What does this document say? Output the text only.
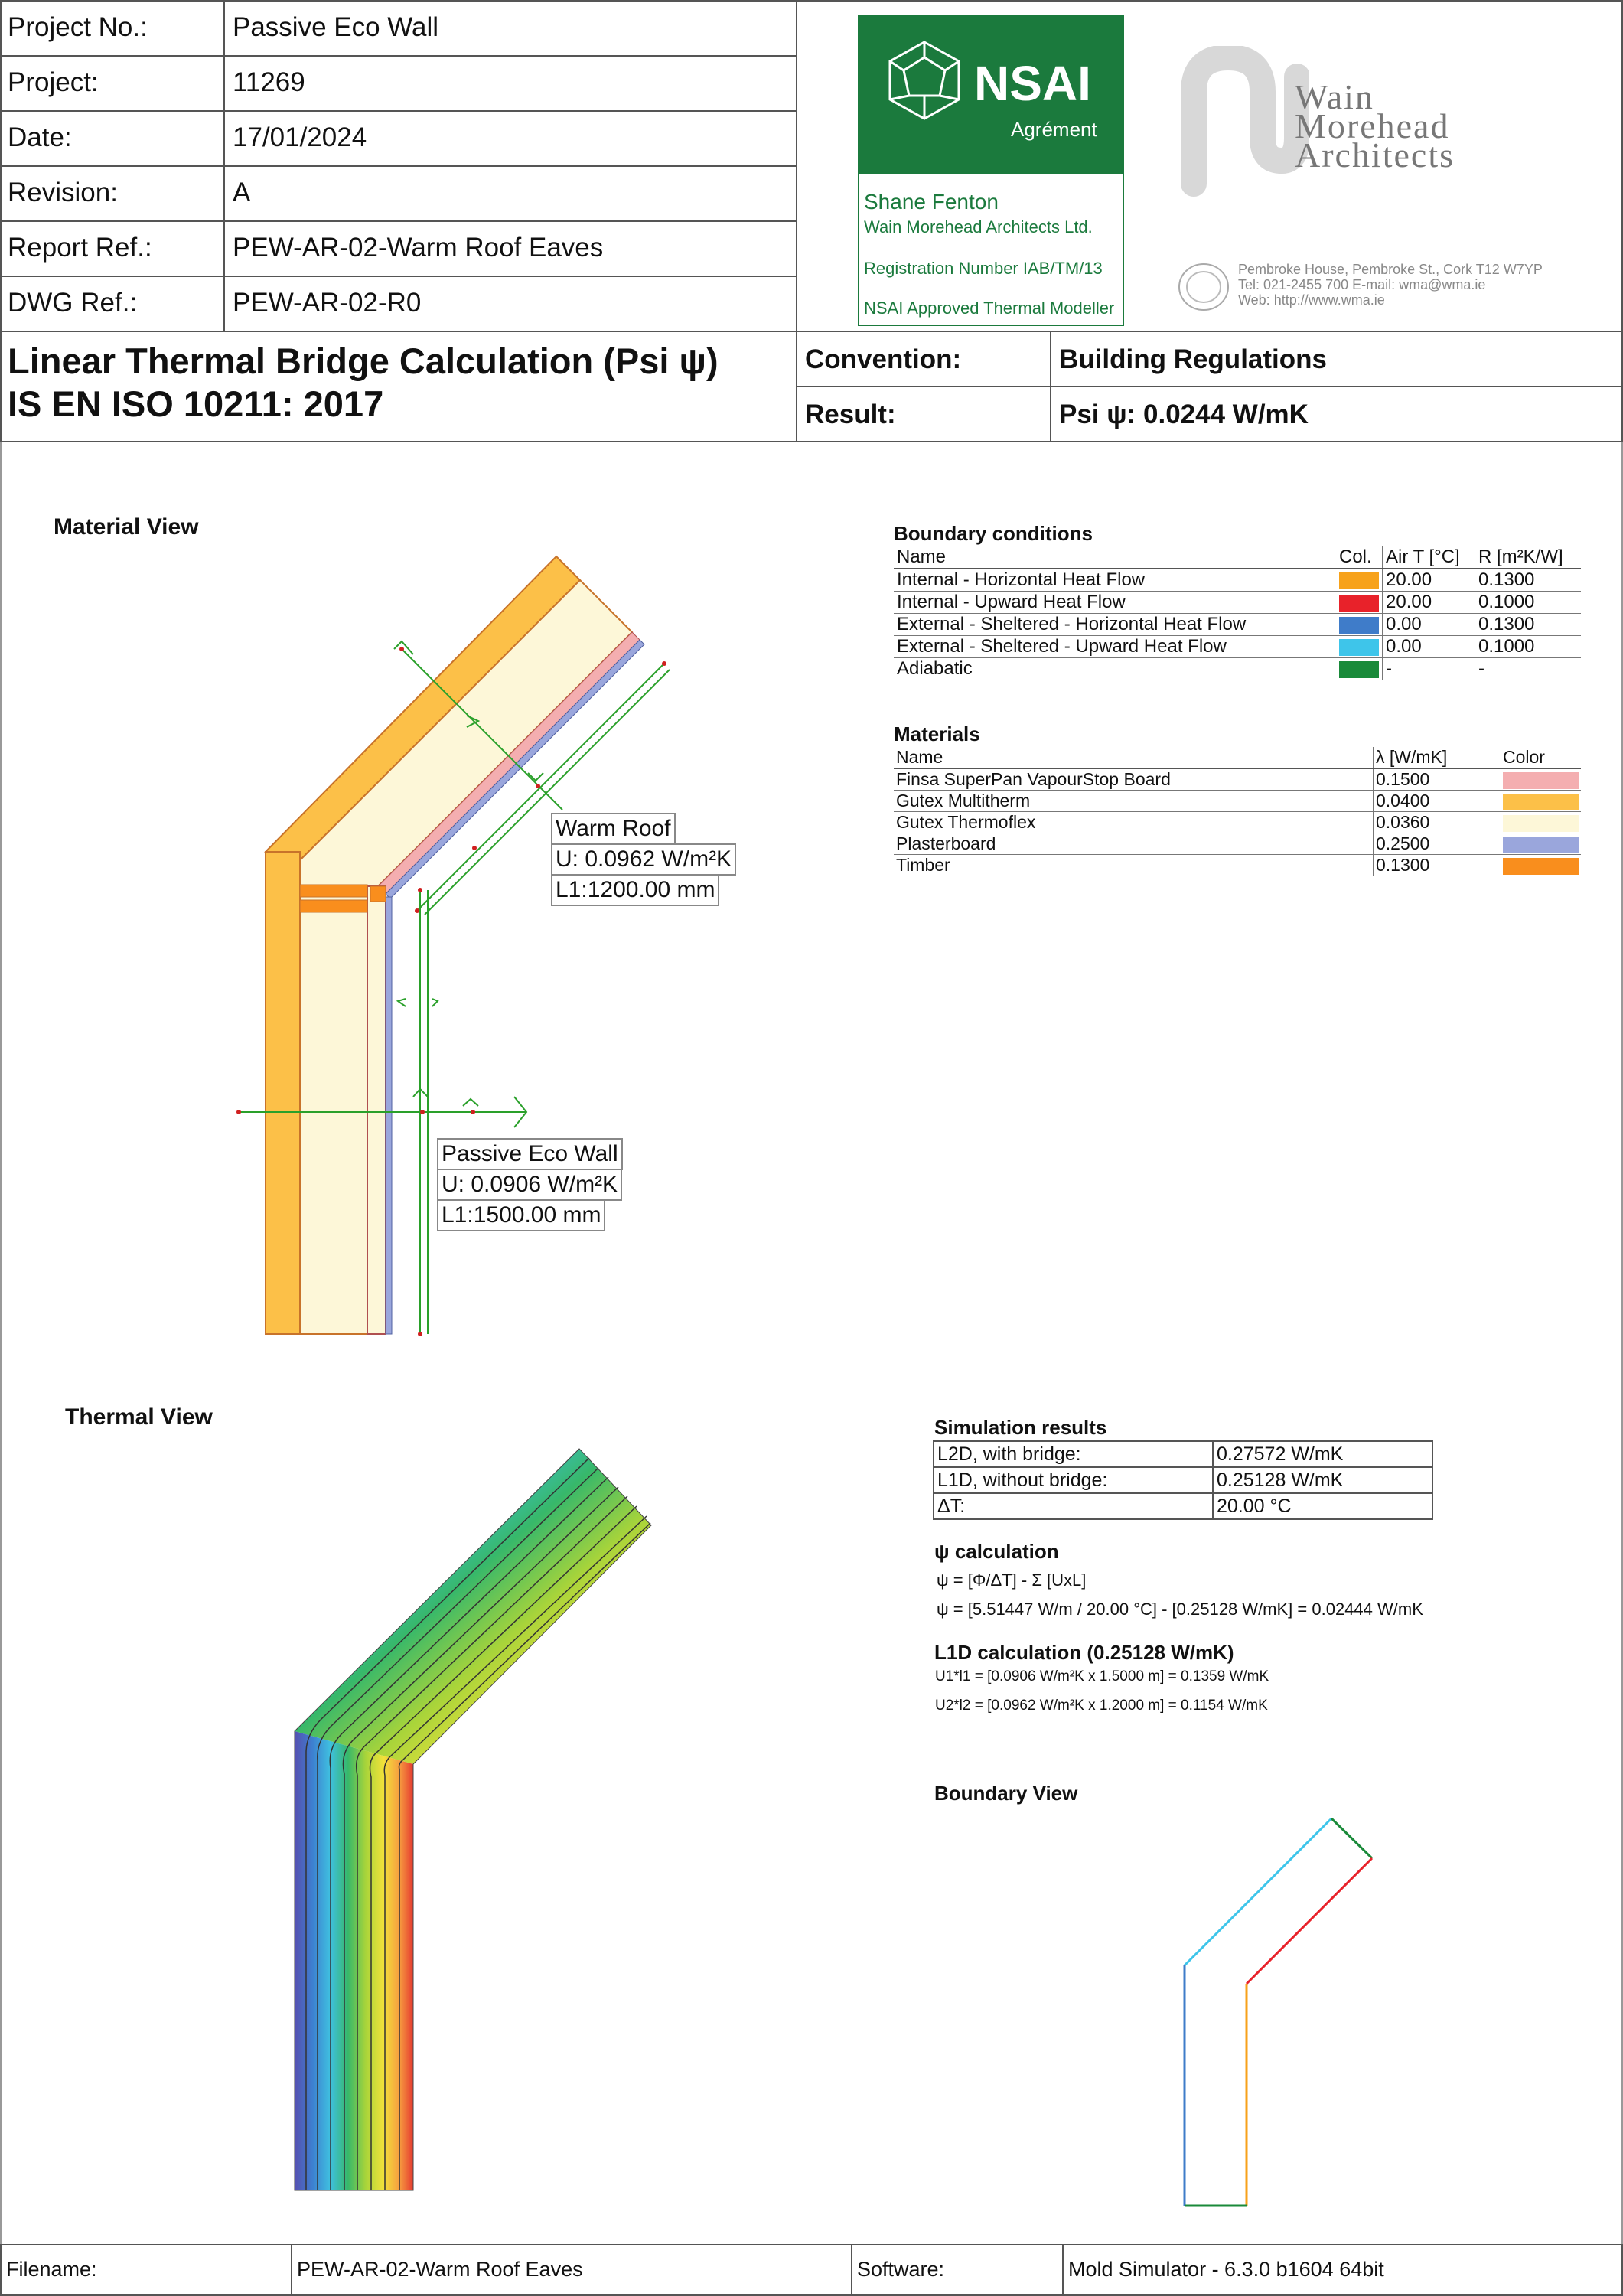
Project No.:	Passive Eco Wall
Project:	11269
Date:	17/01/2024
Revision:	A
Report Ref.:	PEW-AR-02-Warm Roof Eaves
DWG Ref.:	PEW-AR-02-R0
NSAI
Agrément
Shane Fenton
Wain Morehead Architects Ltd.
Registration Number IAB/TM/13
NSAI Approved Thermal Modeller
Wain
Morehead
Architects
Pembroke House, Pembroke St., Cork T12 W7YP
Tel: 021-2455 700 E-mail: wma@wma.ie
Web: http://www.wma.ie
Linear Thermal Bridge Calculation (Psi ψ)
IS EN ISO 10211: 2017
Convention:	Building Regulations
Result:	Psi ψ: 0.0244 W/mK
Material View
Warm Roof
U: 0.0962 W/m²K
L1:1200.00 mm
Passive Eco Wall
U: 0.0906 W/m²K
L1:1500.00 mm
Boundary conditions
Name	Col.	Air T [°C]	R [m²K/W]
Internal - Horizontal Heat Flow		20.00	0.1300
Internal - Upward Heat Flow		20.00	0.1000
External - Sheltered - Horizontal Heat Flow		0.00	0.1300
External - Sheltered - Upward Heat Flow		0.00	0.1000
Adiabatic		-	-
Materials
Name	λ [W/mK]	Color
Finsa SuperPan VapourStop Board	0.1500	
Gutex Multitherm	0.0400	
Gutex Thermoflex	0.0360	
Plasterboard	0.2500	
Timber	0.1300	
Thermal View	Simulation results
L2D, with bridge:	0.27572 W/mK
L1D, without bridge:	0.25128 W/mK
ΔT:	20.00 °C
ψ calculation
ψ = [Φ/ΔT] - Σ [UxL]
ψ = [5.51447 W/m / 20.00 °C] - [0.25128 W/mK] = 0.02444 W/mK
L1D calculation (0.25128 W/mK)
U1*l1 = [0.0906 W/m²K x 1.5000 m] = 0.1359 W/mK
U2*l2 = [0.0962 W/m²K x 1.2000 m] = 0.1154 W/mK
Boundary View
Filename:	PEW-AR-02-Warm Roof Eaves	Software:	Mold Simulator - 6.3.0 b1604 64bit
